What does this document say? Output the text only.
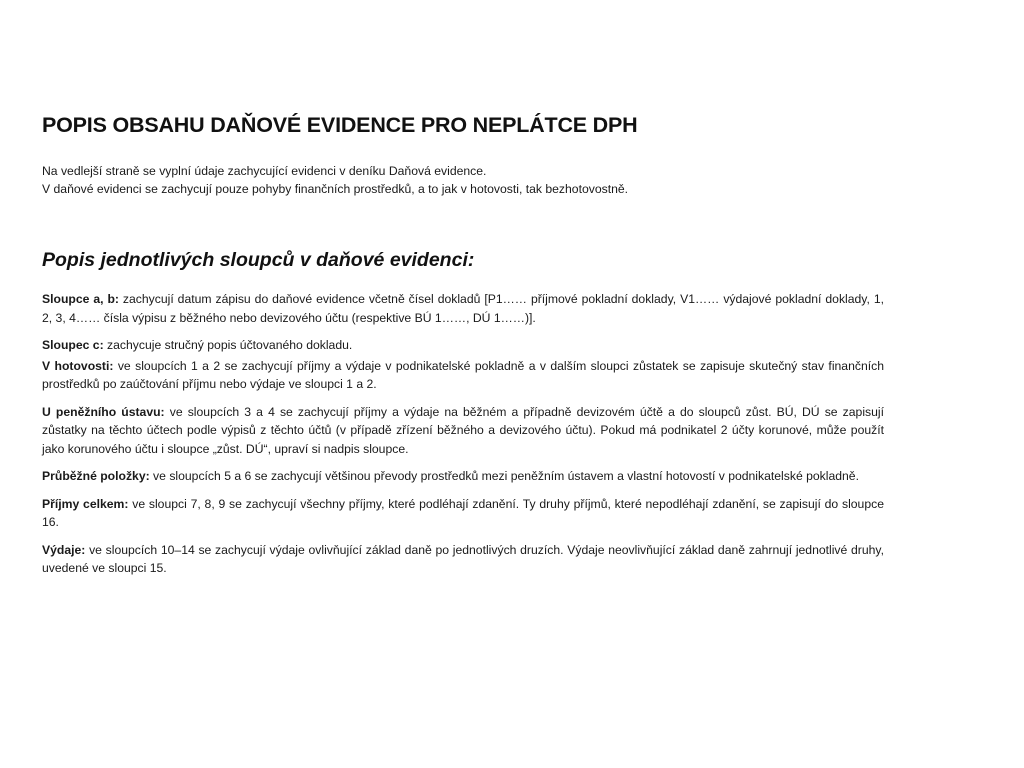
POPIS OBSAHU DAŇOVÉ EVIDENCE PRO NEPLÁTCE DPH

Na vedlejší straně se vyplní údaje zachycující evidenci v deníku Daňová evidence.

V daňové evidenci se zachycují pouze pohyby finančních prostředků, a to jak v hotovosti, tak bezhotovostně.

Popis jednotlivých sloupců v daňové evidenci:

Sloupce a, b: zachycují datum zápisu do daňové evidence včetně čísel dokladů [P1…… příjmové pokladní doklady, V1…… výdajové pokladní doklady, 1, 2, 3, 4…… čísla výpisu z běžného nebo devizového účtu (respektive BÚ 1……, DÚ 1……)].

Sloupec c: zachycuje stručný popis účtovaného dokladu.

V hotovosti: ve sloupcích 1 a 2 se zachycují příjmy a výdaje v podnikatelské pokladně a v dalším sloupci zůstatek se zapisuje skutečný stav finančních prostředků po zaúčtování příjmu nebo výdaje ve sloupci 1 a 2.

U peněžního ústavu: ve sloupcích 3 a 4 se zachycují příjmy a výdaje na běžném a případně devizovém účtě a do sloupců zůst. BÚ, DÚ se zapisují zůstatky na těchto účtech podle výpisů z těchto účtů (v případě zřízení běžného a devizového účtu). Pokud má podnikatel 2 účty korunové, může použít jako korunového účtu i sloupce „zůst. DÚ“, upraví si nadpis sloupce.

Průběžné položky: ve sloupcích 5 a 6 se zachycují většinou převody prostředků mezi peněžním ústavem a vlastní hotovostí v podnikatelské pokladně.

Příjmy celkem: ve sloupci 7, 8, 9 se zachycují všechny příjmy, které podléhají zdanění. Ty druhy příjmů, které nepodléhají zdanění, se zapisují do sloupce 16.

Výdaje: ve sloupcích 10–14 se zachycují výdaje ovlivňující základ daně po jednotlivých druzích. Výdaje neovlivňující základ daně zahrnují jednotlivé druhy, uvedené ve sloupci 15.
